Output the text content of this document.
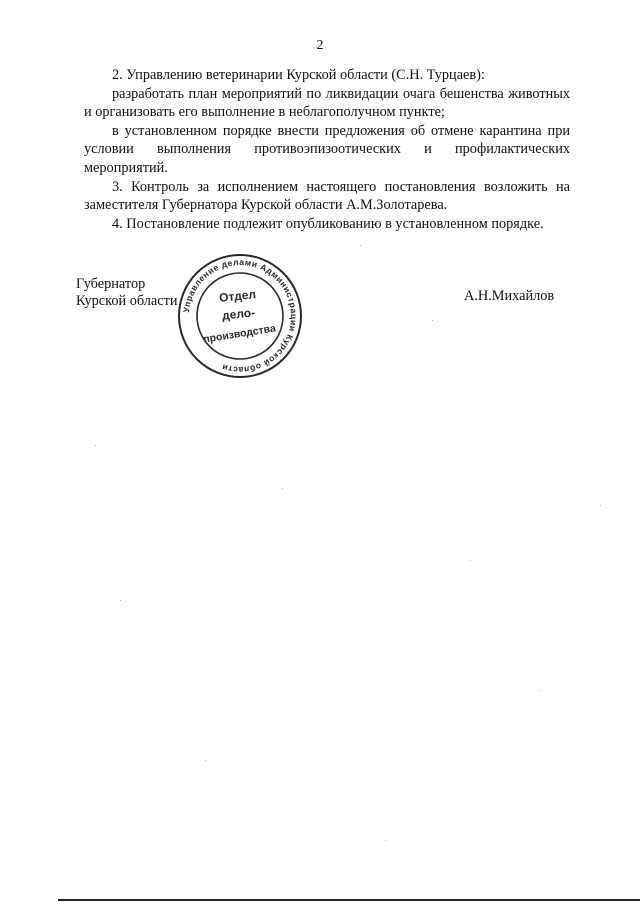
2

2. Управлению ветеринарии Курской области (С.Н. Турцаев):

разработать план мероприятий по ликвидации очага бешенства животных и организовать его выполнение в неблагополучном пункте;

в установленном порядке внести предложения об отмене карантина при условии выполнения противоэпизоотических и профилактических мероприятий.

3. Контроль за исполнением настоящего постановления возложить на заместителя Губернатора Курской области А.М.Золотарева.

4. Постановление подлежит опубликованию в установленном порядке.

Губернатор
Курской области
Управление делами Администрации Курской области
Отдел
дело-
производства
А.Н.Михайлов
